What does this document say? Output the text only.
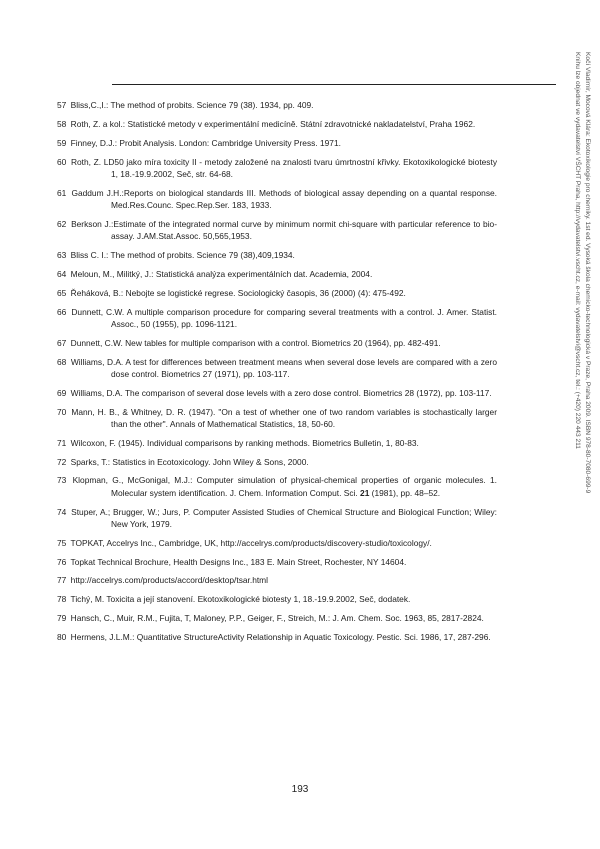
Kočí Vladimír, Mocová Klára: Ekotoxikologie pro chemiky. 1st ed. Vysoká škola chemicko-technologická v Praze, Praha 2009. ISBN 978-80-7080-699-9
Knihu lze objednat ve vydavatelství VŠCHT Praha, http://vydavatelstvi.vscht.cz, e-mail: vydavatelstvi@vscht.cz, tel.: (+420) 220 443 211

57 Bliss,C.,I.: The method of probits. Science 79 (38). 1934, pp. 409.

58 Roth, Z. a kol.: Statistické metody v experimentální medicíně. Státní zdravotnické nakladatelství, Praha 1962.

59 Finney, D.J.: Probit Analysis. London: Cambridge University Press. 1971.

60 Roth, Z. LD50 jako míra toxicity II - metody založené na znalosti tvaru úmrtnostní křivky. Ekotoxikologické biotesty 1, 18.-19.9.2002, Seč, str. 64-68.

61 Gaddum J.H.:Reports on biological standards III. Methods of biological assay depending on a quantal response. Med.Res.Counc. Spec.Rep.Ser. 183, 1933.

62 Berkson J.:Estimate of the integrated normal curve by minimum normit chi-square with particular reference to bio-assay. J.AM.Stat.Assoc. 50,565,1953.

63 Bliss C. I.: The method of probits. Science 79 (38),409,1934.

64 Meloun, M., Militký, J.: Statistická analýza experimentálních dat. Academia, 2004.

65 Řeháková, B.: Nebojte se logistické regrese. Sociologický časopis, 36 (2000) (4): 475-492.

66 Dunnett, C.W. A multiple comparison procedure for comparing several treatments with a control. J. Amer. Statist. Assoc., 50 (1955), pp. 1096-1121.

67 Dunnett, C.W. New tables for multiple comparison with a control. Biometrics 20 (1964), pp. 482-491.

68 Williams, D.A. A test for differences between treatment means when several dose levels are compared with a zero dose control. Biometrics 27 (1971), pp. 103-117.

69 Williams, D.A. The comparison of several dose levels with a zero dose control. Biometrics 28 (1972), pp. 103-117.

70 Mann, H. B., & Whitney, D. R. (1947). "On a test of whether one of two random variables is stochastically larger than the other". Annals of Mathematical Statistics, 18, 50-60.

71 Wilcoxon, F. (1945). Individual comparisons by ranking methods. Biometrics Bulletin, 1, 80-83.

72 Sparks, T.: Statistics in Ecotoxicology. John Wiley & Sons, 2000.

73 Klopman, G., McGonigal, M.J.: Computer simulation of physical-chemical properties of organic molecules. 1. Molecular system identification. J. Chem. Information Comput. Sci. 21 (1981), pp. 48–52.

74 Stuper, A.; Brugger, W.; Jurs, P. Computer Assisted Studies of Chemical Structure and Biological Function; Wiley: New York, 1979.

75 TOPKAT, Accelrys Inc., Cambridge, UK, http://accelrys.com/products/discovery-studio/toxicology/.

76 Topkat Technical Brochure, Health Designs Inc., 183 E. Main Street, Rochester, NY 14604.

77 http://accelrys.com/products/accord/desktop/tsar.html

78 Tichý, M. Toxicita a její stanovení. Ekotoxikologické biotesty 1, 18.-19.9.2002, Seč, dodatek.

79 Hansch, C., Muir, R.M., Fujita, T, Maloney, P.P., Geiger, F., Streich, M.: J. Am. Chem. Soc. 1963, 85, 2817-2824.

80 Hermens, J.L.M.: Quantitative StructureActivity Relationship in Aquatic Toxicology. Pestic. Sci. 1986, 17, 287-296.

193
